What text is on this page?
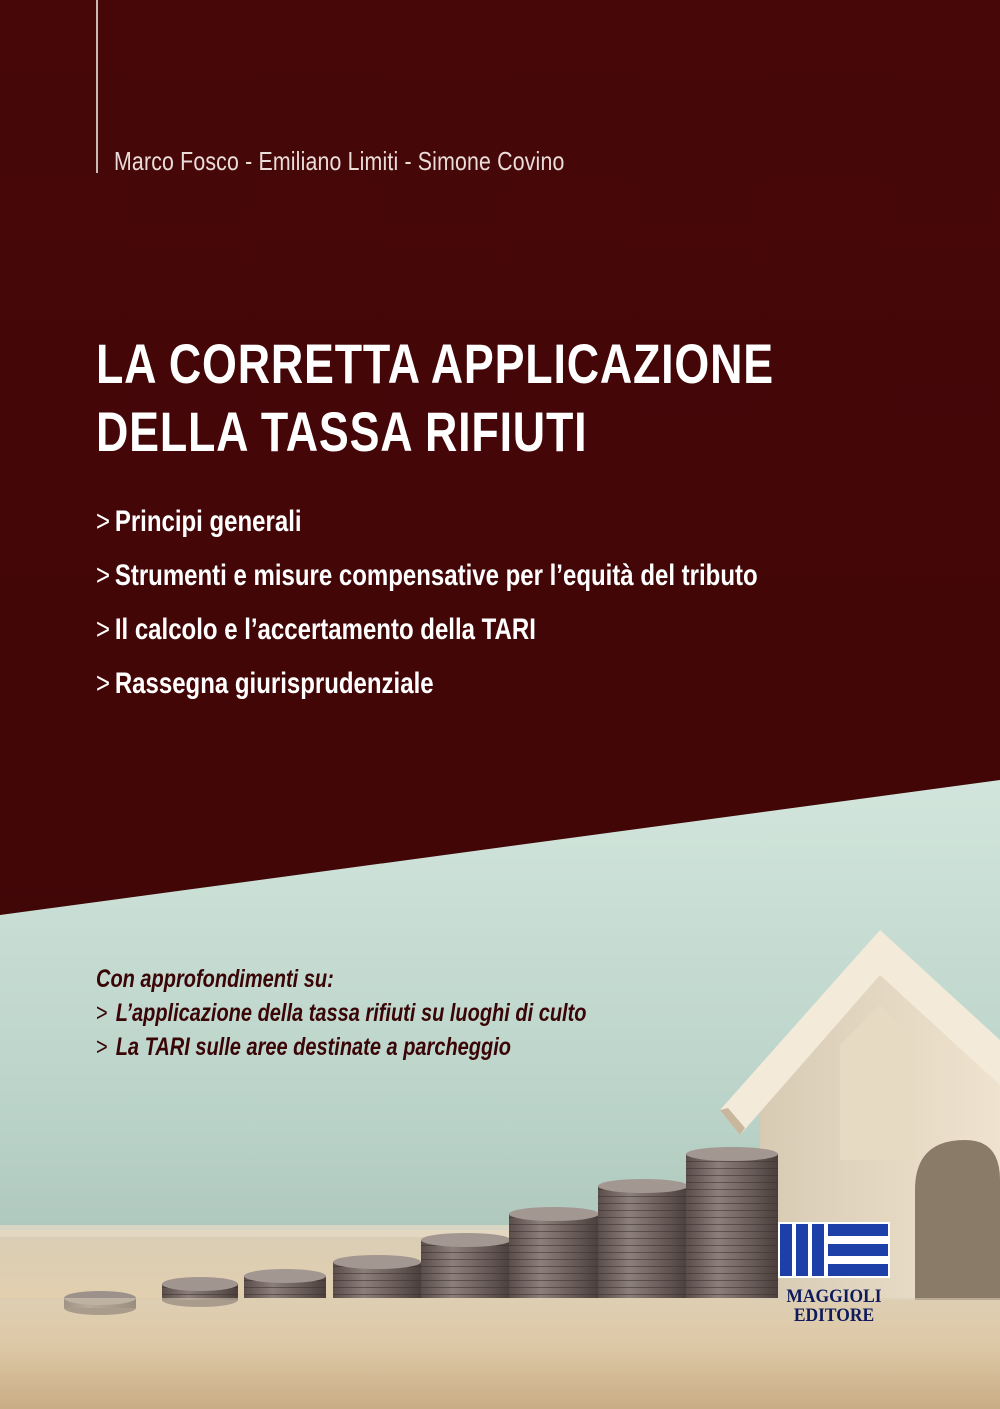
Marco Fosco - Emiliano Limiti - Simone Covino
LA CORRETTA APPLICAZIONE
DELLA TASSA RIFIUTI
> Principi generali
> Strumenti e misure compensative per l’equità del tributo
> Il calcolo e l’accertamento della TARI
> Rassegna giurisprudenziale
Con approfondimenti su:
> L’applicazione della tassa rifiuti su luoghi di culto
> La TARI sulle aree destinate a parcheggio
MAGGIOLI
EDITORE
